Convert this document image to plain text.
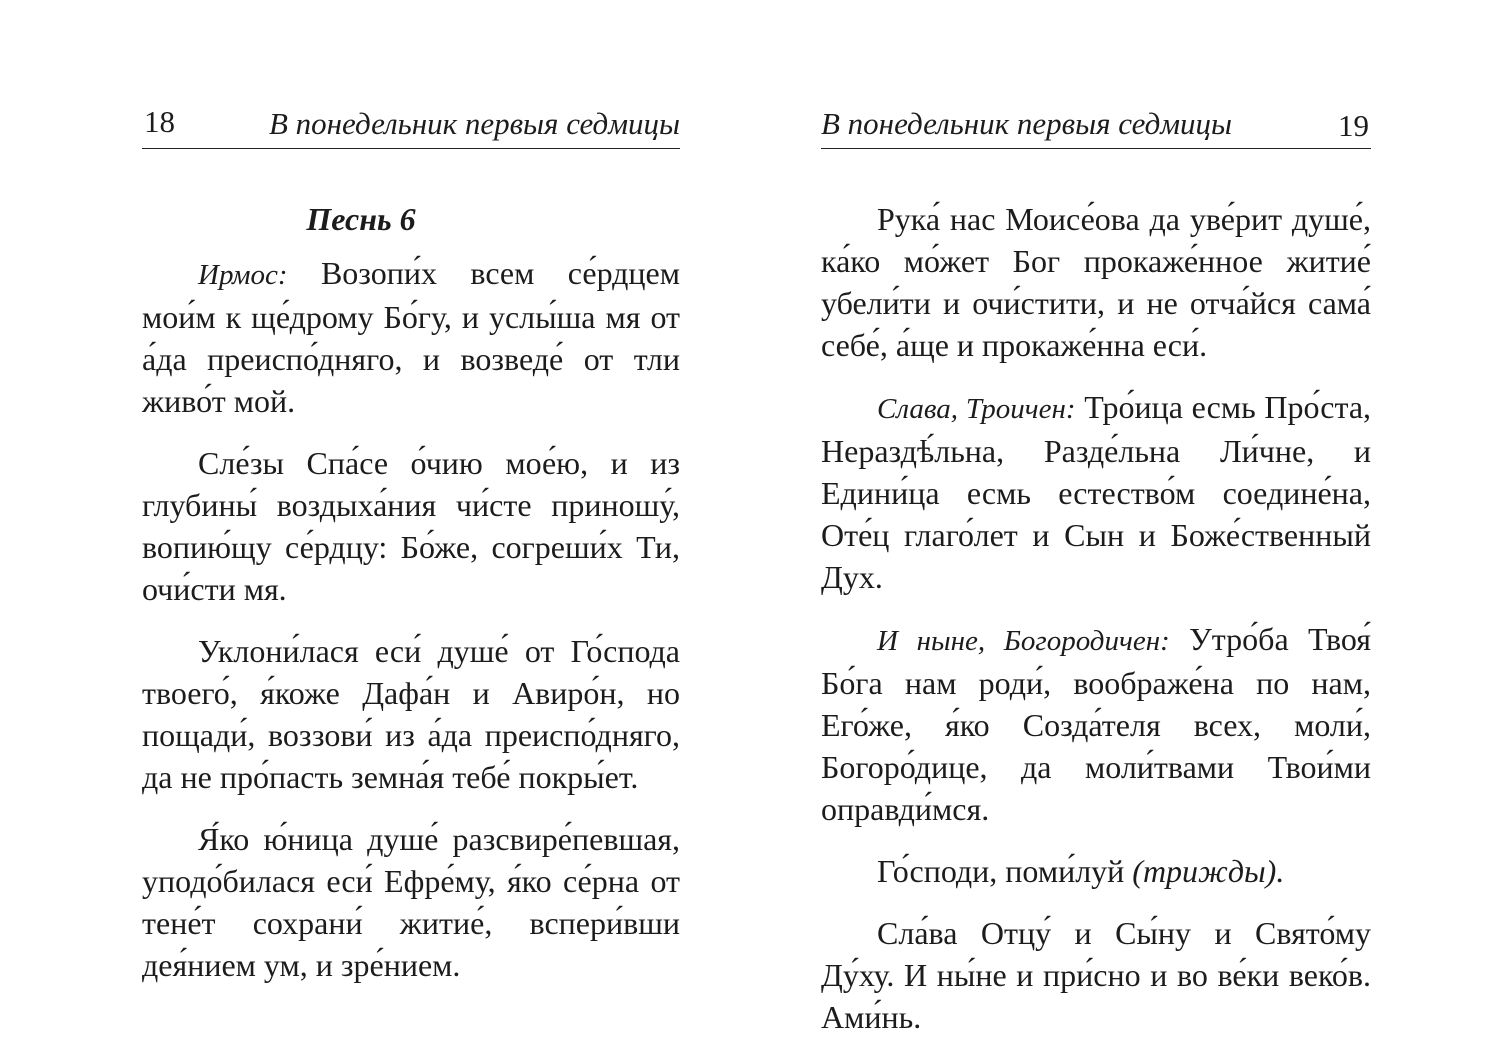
18	В понедельник первыя седмицы

Песнь 6

Ирмос: Возопи́х всем се́рдцем мои́м к ще́дрому Бо́гу, и услы́ша мя от а́да преиспо́дняго, и возведе́ от тли живо́т мой.

Сле́зы Спа́се о́чию мое́ю, и из глубины́ воздыха́ния чи́сте приношу́, вопию́щу се́рдцу: Бо́же, согреши́х Ти, очи́сти мя.

Уклони́лася еси́ душе́ от Го́спода твоего́, я́коже Дафа́н и Авиро́н, но пощади́, воззови́ из а́да преиспо́дняго, да не про́пасть земна́я тебе́ покры́ет.

Я́ко ю́ница душе́ разсвире́певшая, уподо́билася еси́ Ефре́му, я́ко се́рна от тене́т сохрани́ житие́, вспери́вши дея́нием ум, и зре́нием.

В понедельник первыя седмицы	19

Рука́ нас Моисе́ова да уве́рит душе́, ка́ко мо́жет Бог прокаже́нное житие́ убели́ти и очи́стити, и не отча́йся сама́ себе́, а́ще и прокаже́нна еси́.

Слава, Троичен: Тро́ица есмь Про́ста, Нераздѣ́льна, Разде́льна Ли́чне, и Едини́ца есмь естество́м соедине́на, Оте́ц глаго́лет и Сын и Боже́ственный Дух.

И ныне, Богородичен: Утро́ба Твоя́ Бо́га нам роди́, воображе́на по нам, Его́же, я́ко Созда́теля всех, моли́, Богоро́дице, да моли́твами Твои́ми оправди́мся.

Го́споди, поми́луй (трижды).

Сла́ва Отцу́ и Сы́ну и Свято́му Ду́ху. И ны́не и при́сно и во ве́ки веко́в. Ами́нь.
